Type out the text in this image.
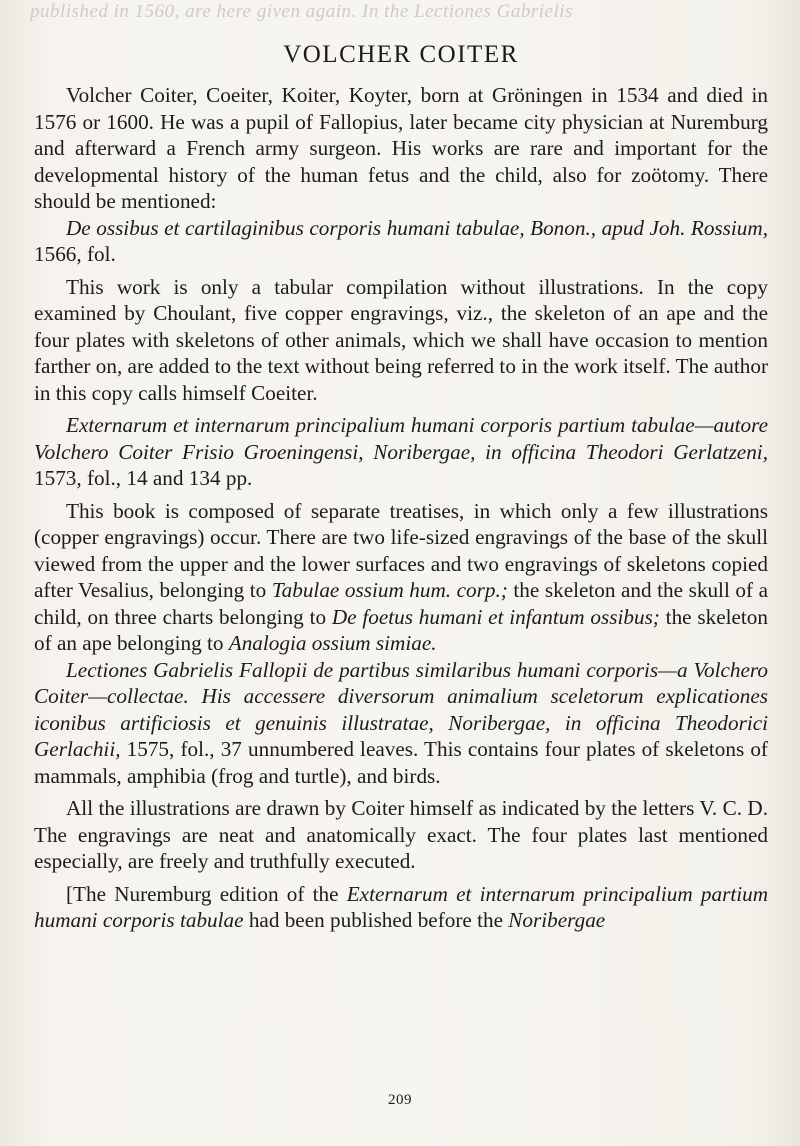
published in 1560, are here given again. In the Lectiones Gabrielis
VOLCHER COITER

Volcher Coiter, Coeiter, Koiter, Koyter, born at Gröningen in 1534 and died in 1576 or 1600. He was a pupil of Fallopius, later became city physician at Nuremburg and afterward a French army surgeon. His works are rare and important for the developmental history of the human fetus and the child, also for zoötomy. There should be mentioned:

De ossibus et cartilaginibus corporis humani tabulae, Bonon., apud Joh. Rossium, 1566, fol.

This work is only a tabular compilation without illustrations. In the copy examined by Choulant, five copper engravings, viz., the skeleton of an ape and the four plates with skeletons of other animals, which we shall have occasion to mention farther on, are added to the text without being referred to in the work itself. The author in this copy calls himself Coeiter.

Externarum et internarum principalium humani corporis partium tabulae—autore Volchero Coiter Frisio Groeningensi, Noribergae, in officina Theodori Gerlatzeni, 1573, fol., 14 and 134 pp.

This book is composed of separate treatises, in which only a few illustrations (copper engravings) occur. There are two life-sized engravings of the base of the skull viewed from the upper and the lower surfaces and two engravings of skeletons copied after Vesalius, belonging to Tabulae ossium hum. corp.; the skeleton and the skull of a child, on three charts belonging to De foetus humani et infantum ossibus; the skeleton of an ape belonging to Analogia ossium simiae.

Lectiones Gabrielis Fallopii de partibus similaribus humani corporis—a Volchero Coiter—collectae. His accessere diversorum animalium sceletorum explicationes iconibus artificiosis et genuinis illustratae, Noribergae, in officina Theodorici Gerlachii, 1575, fol., 37 unnumbered leaves. This contains four plates of skeletons of mammals, amphibia (frog and turtle), and birds.

All the illustrations are drawn by Coiter himself as indicated by the letters V. C. D. The engravings are neat and anatomically exact. The four plates last mentioned especially, are freely and truthfully executed.

[The Nuremburg edition of the Externarum et internarum principalium partium humani corporis tabulae had been published before the Noribergae

209
